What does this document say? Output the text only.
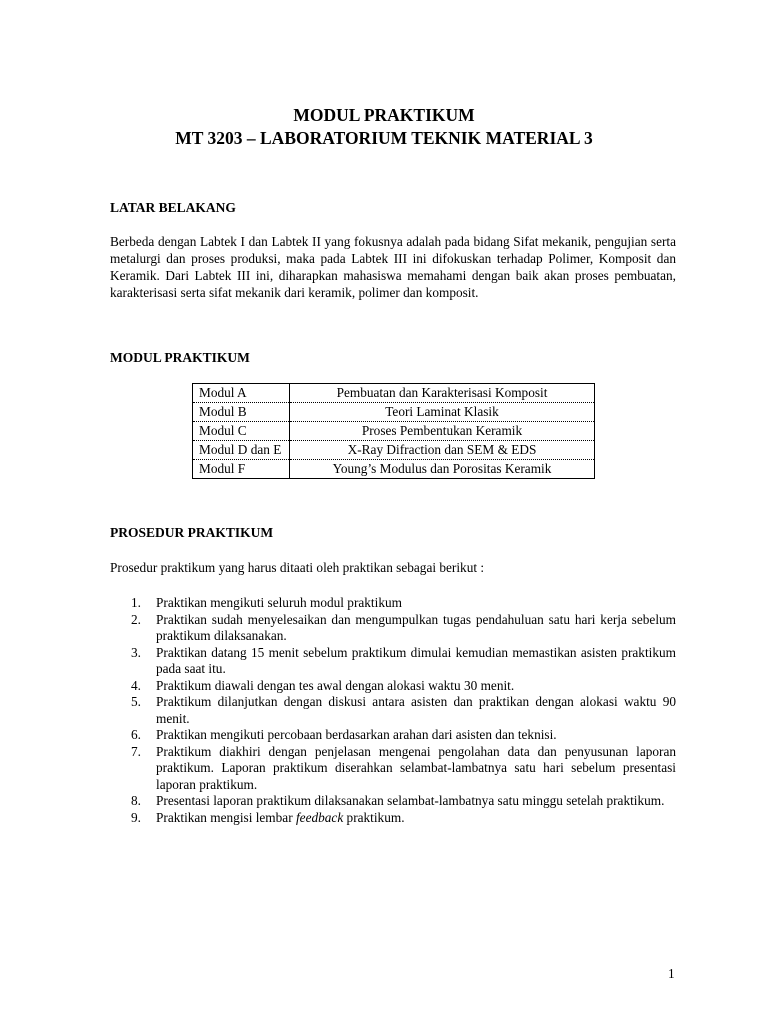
MODUL PRAKTIKUM
MT 3203 – LABORATORIUM TEKNIK MATERIAL 3
LATAR BELAKANG
Berbeda dengan Labtek I dan Labtek II yang fokusnya adalah pada bidang Sifat mekanik, pengujian serta metalurgi dan proses produksi, maka pada Labtek III ini difokuskan terhadap Polimer, Komposit dan Keramik. Dari Labtek III ini, diharapkan mahasiswa memahami dengan baik akan proses pembuatan, karakterisasi serta sifat mekanik dari keramik, polimer dan komposit.
MODUL PRAKTIKUM
Modul A	Pembuatan dan Karakterisasi Komposit
Modul B	Teori Laminat Klasik
Modul C	Proses Pembentukan Keramik
Modul D dan E	X-Ray Difraction dan SEM & EDS
Modul F	Young’s Modulus dan Porositas Keramik
PROSEDUR PRAKTIKUM
Prosedur praktikum yang harus ditaati oleh praktikan sebagai berikut :
1. Praktikan mengikuti seluruh modul praktikum
2. Praktikan sudah menyelesaikan dan mengumpulkan tugas pendahuluan satu hari kerja sebelum praktikum dilaksanakan.
3. Praktikan datang 15 menit sebelum praktikum dimulai kemudian memastikan asisten praktikum pada saat itu.
4. Praktikum diawali dengan tes awal dengan alokasi waktu 30 menit.
5. Praktikum dilanjutkan dengan diskusi antara asisten dan praktikan dengan alokasi waktu 90 menit.
6. Praktikan mengikuti percobaan berdasarkan arahan dari asisten dan teknisi.
7. Praktikum diakhiri dengan penjelasan mengenai pengolahan data dan penyusunan laporan praktikum. Laporan praktikum diserahkan selambat-lambatnya satu hari sebelum presentasi laporan praktikum.
8. Presentasi laporan praktikum dilaksanakan selambat-lambatnya satu minggu setelah praktikum.
9. Praktikan mengisi lembar feedback praktikum.
1
